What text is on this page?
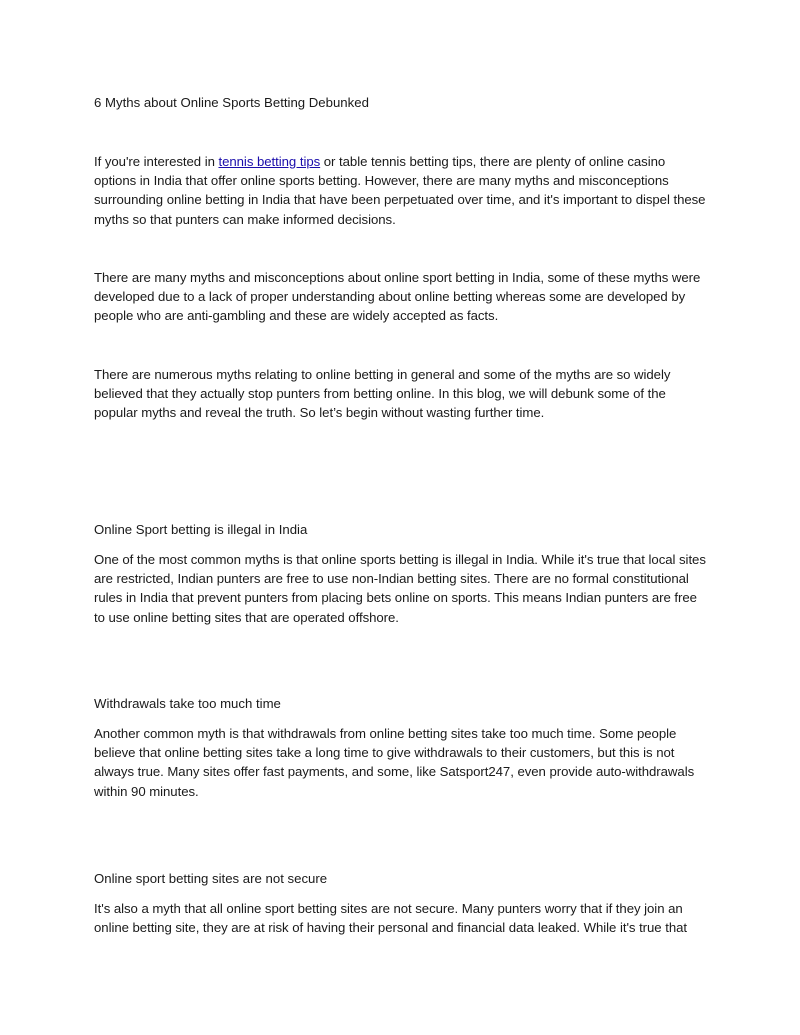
6 Myths about Online Sports Betting Debunked

If you're interested in tennis betting tips or table tennis betting tips, there are plenty of online casino options in India that offer online sports betting. However, there are many myths and misconceptions surrounding online betting in India that have been perpetuated over time, and it's important to dispel these myths so that punters can make informed decisions.

There are many myths and misconceptions about online sport betting in India, some of these myths were developed due to a lack of proper understanding about online betting whereas some are developed by people who are anti-gambling and these are widely accepted as facts.

There are numerous myths relating to online betting in general and some of the myths are so widely believed that they actually stop punters from betting online. In this blog, we will debunk some of the popular myths and reveal the truth. So let’s begin without wasting further time.

Online Sport betting is illegal in India

One of the most common myths is that online sports betting is illegal in India. While it's true that local sites are restricted, Indian punters are free to use non-Indian betting sites. There are no formal constitutional rules in India that prevent punters from placing bets online on sports. This means Indian punters are free to use online betting sites that are operated offshore.

Withdrawals take too much time

Another common myth is that withdrawals from online betting sites take too much time. Some people believe that online betting sites take a long time to give withdrawals to their customers, but this is not always true. Many sites offer fast payments, and some, like Satsport247, even provide auto-withdrawals within 90 minutes.

Online sport betting sites are not secure

It's also a myth that all online sport betting sites are not secure. Many punters worry that if they join an online betting site, they are at risk of having their personal and financial data leaked. While it's true that
